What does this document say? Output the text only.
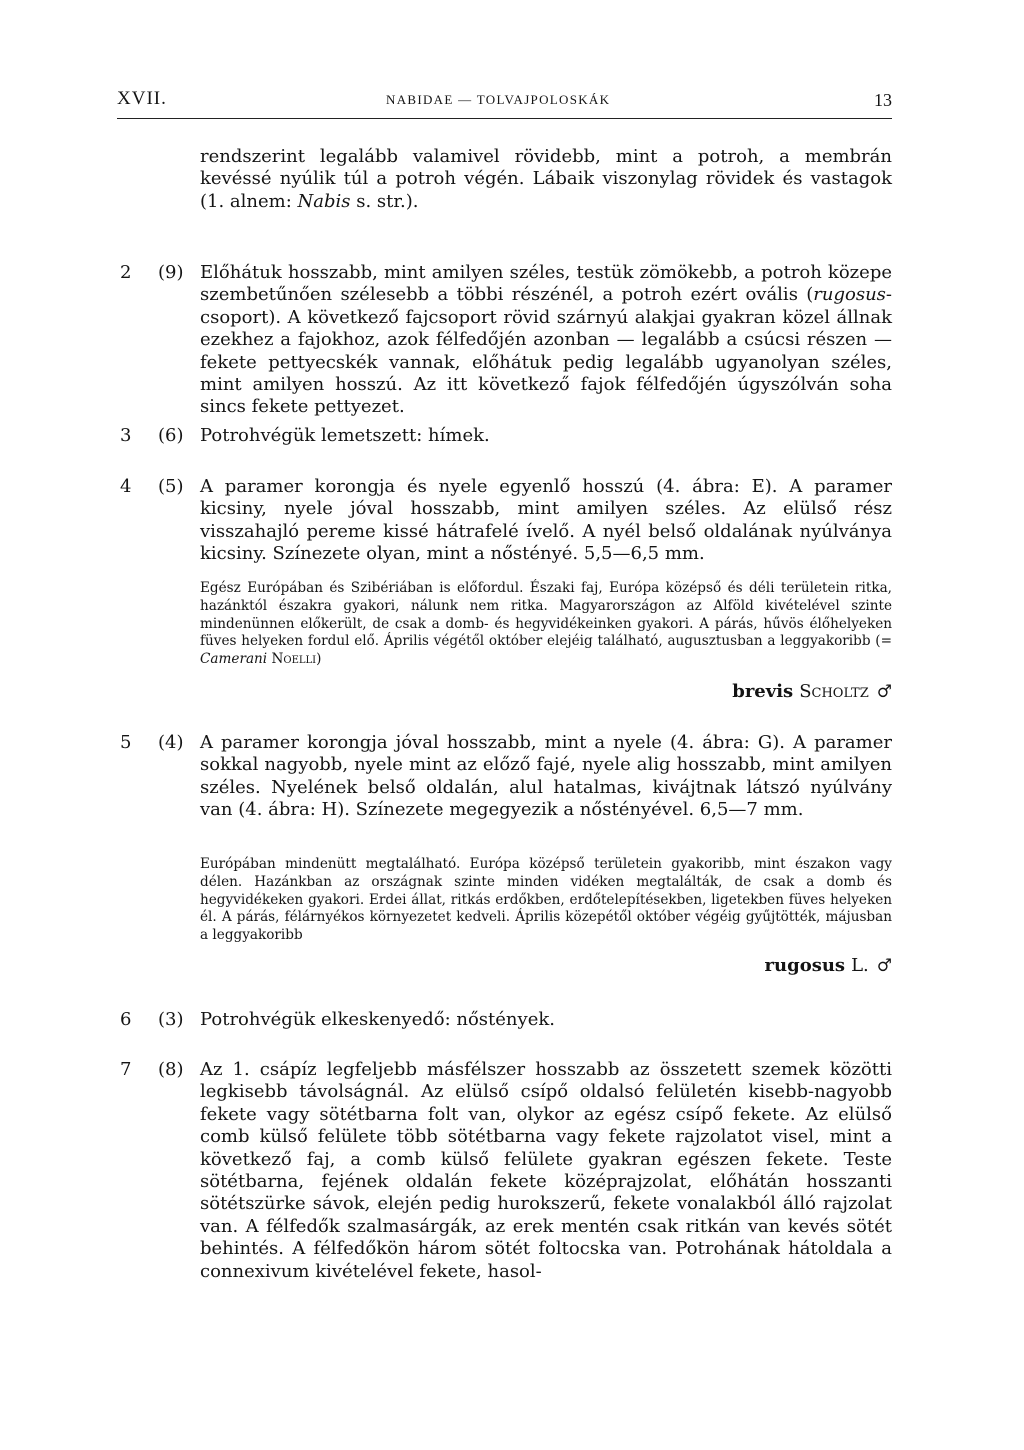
XVII.	NABIDAE — TOLVAJPOLOSKÁK	13
rendszerint legalább valamivel rövidebb, mint a potroh, a membrán kevéssé nyúlik túl a potroh végén. Lábaik viszonylag rövidek és vastagok (1. alnem: Nabis s. str.).
2 (9) Előhátuk hosszabb, mint amilyen széles, testük zömökebb, a potroh közepe szembetűnően szélesebb a többi részénél, a potroh ezért ovális (rugosus-csoport). A következő fajcsoport rövid szárnyú alakjai gyakran közel állnak ezekhez a fajokhoz, azok félfedőjén azonban — legalább a csúcsi részen — fekete pettyecskék vannak, előhátuk pedig legalább ugyanolyan széles, mint amilyen hosszú. Az itt következő fajok félfedőjén úgyszólván soha sincs fekete pettyezet.
3 (6) Potrohvégük lemetszett: hímek.
4 (5) A paramer korongja és nyele egyenlő hosszú (4. ábra: E). A paramer kicsiny, nyele jóval hosszabb, mint amilyen széles. Az elülső rész visszahajló pereme kissé hátrafelé ívelő. A nyél belső oldalának nyúlványa kicsiny. Színezete olyan, mint a nőstényé. 5,5—6,5 mm.
Egész Európában és Szibériában is előfordul. Északi faj, Európa középső és déli területein ritka, hazánktól északra gyakori, nálunk nem ritka. Magyarországon az Alföld kivételével szinte mindenünnen előkerült, de csak a domb- és hegyvidékeinken gyakori. A párás, hűvös élőhelyeken füves helyeken fordul elő. Április végétől október elejéig található, augusztusban a leggyakoribb (= Camerani Noelli)
brevis Scholtz ♂
5 (4) A paramer korongja jóval hosszabb, mint a nyele (4. ábra: G). A paramer sokkal nagyobb, nyele mint az előző fajé, nyele alig hosszabb, mint amilyen széles. Nyelének belső oldalán, alul hatalmas, kivájtnak látszó nyúlvány van (4. ábra: H). Színezete megegyezik a nőstényével. 6,5—7 mm.
Európában mindenütt megtalálható. Európa középső területein gyakoribb, mint északon vagy délen. Hazánkban az országnak szinte minden vidéken megtalálták, de csak a domb és hegyvidékeken gyakori. Erdei állat, ritkás erdőkben, erdőtelepítésekben, ligetekben füves helyeken él. A párás, félárnyékos környezetet kedveli. Április közepétől október végéig gyűjtötték, májusban a leggyakoribb
rugosus L. ♂
6 (3) Potrohvégük elkeskenyedő: nőstények.
7 (8) Az 1. csápíz legfeljebb másfélszer hosszabb az összetett szemek közötti legkisebb távolságnál. Az elülső csípő oldalsó felületén kisebb-nagyobb fekete vagy sötétbarna folt van, olykor az egész csípő fekete. Az elülső comb külső felülete több sötétbarna vagy fekete rajzolatot visel, mint a következő faj, a comb külső felülete gyakran egészen fekete. Teste sötétbarna, fejének oldalán fekete középrajzolat, előhátán hosszanti sötétszürke sávok, elején pedig hurokszerű, fekete vonalakból álló rajzolat van. A félfedők szalmasárgák, az erek mentén csak ritkán van kevés sötét behintés. A félfedőkön három sötét foltocska van. Potrohának hátoldala a connexivum kivételével fekete, hasol-
